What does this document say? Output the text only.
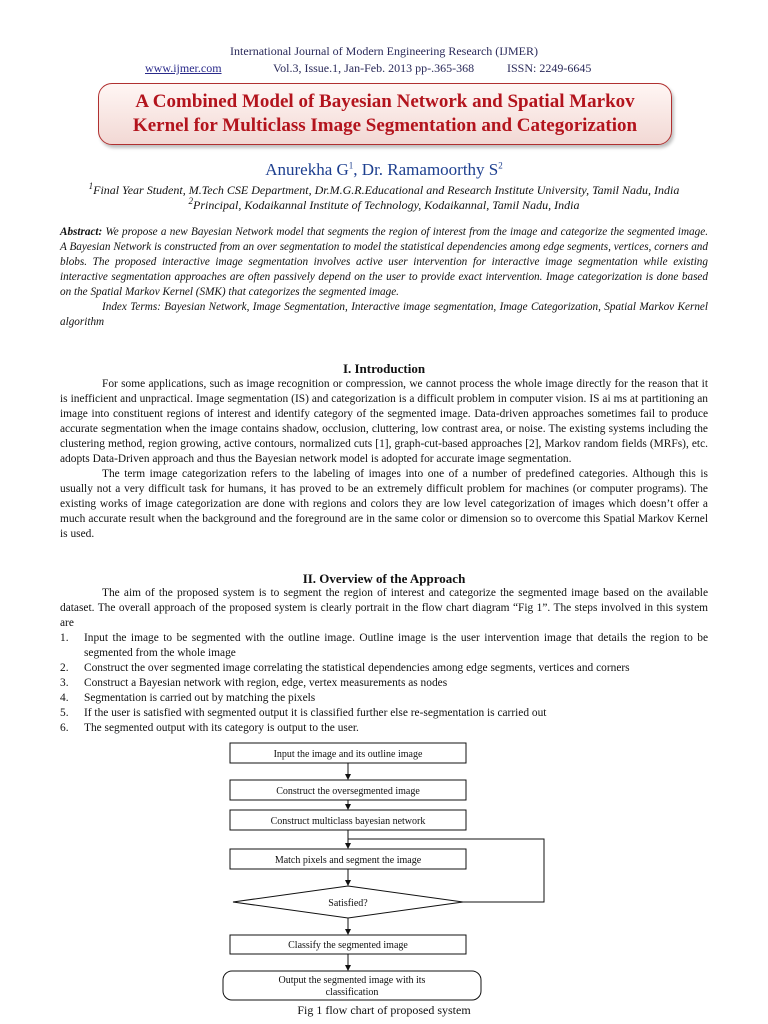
International Journal of Modern Engineering Research (IJMER)
www.ijmer.com	Vol.3, Issue.1, Jan-Feb. 2013 pp-.365-368	ISSN: 2249-6645
A Combined Model of Bayesian Network and Spatial Markov
Kernel for Multiclass Image Segmentation and Categorization
Anurekha $G^1$, Dr. Ramamoorthy $S^2$
$^1$Final Year Student, M.Tech CSE Department, Dr.M.G.R.Educational and Research Institute University, Tamil Nadu, India
$^2$Principal, Kodaikannal Institute of Technology, Kodaikannal, Tamil Nadu, India
Abstract: We propose a new Bayesian Network model that segments the region of interest from the image and categorize the segmented image. A Bayesian Network is constructed from an over segmentation to model the statistical dependencies among edge segments, vertices, corners and blobs. The proposed interactive image segmentation involves active user intervention for interactive image segmentation while existing interactive segmentation approaches are often passively depend on the user to provide exact intervention. Image categorization is done based on the Spatial Markov Kernel (SMK) that categorizes the segmented image.
Index Terms: Bayesian Network, Image Segmentation, Interactive image segmentation, Image Categorization, Spatial Markov Kernel algorithm
I. Introduction
For some applications, such as image recognition or compression, we cannot process the whole image directly for the reason that it is inefficient and unpractical. Image segmentation (IS) and categorization is a difficult problem in computer vision. IS ai ms at partitioning an image into constituent regions of interest and identify category of the segmented image. Data-driven approaches sometimes fail to produce accurate segmentation when the image contains shadow, occlusion, cluttering, low contrast area, or noise. The existing systems including the clustering method, region growing, active contours, normalized cuts [1], graph-cut-based approaches [2], Markov random fields (MRFs), etc. adopts Data-Driven approach and thus the Bayesian network model is adopted for accurate image segmentation.
The term image categorization refers to the labeling of images into one of a number of predefined categories. Although this is usually not a very difficult task for humans, it has proved to be an extremely difficult problem for machines (or computer programs). The existing works of image categorization are done with regions and colors they are low level categorization of images which doesn’t offer a much accurate result when the background and the foreground are in the same color or dimension so to overcome this Spatial Markov Kernel is used.
II. Overview of the Approach
The aim of the proposed system is to segment the region of interest and categorize the segmented image based on the available dataset. The overall approach of the proposed system is clearly portrait in the flow chart diagram “Fig 1”. The steps involved in this system are
1. Input the image to be segmented with the outline image. Outline image is the user intervention image that details the region to be segmented from the whole image
2. Construct the over segmented image correlating the statistical dependencies among edge segments, vertices and corners
3. Construct a Bayesian network with region, edge, vertex measurements as nodes
4. Segmentation is carried out by matching the pixels
5. If the user is satisfied with segmented output it is classified further else re-segmentation is carried out
6. The segmented output with its category is output to the user.
Input the image and its outline image
Construct the oversegmented image
Construct multiclass bayesian network
Match pixels and segment the image
Satisfied?
Classify the segmented image
Output the segmented image with its
classification
Fig 1 flow chart of proposed system
